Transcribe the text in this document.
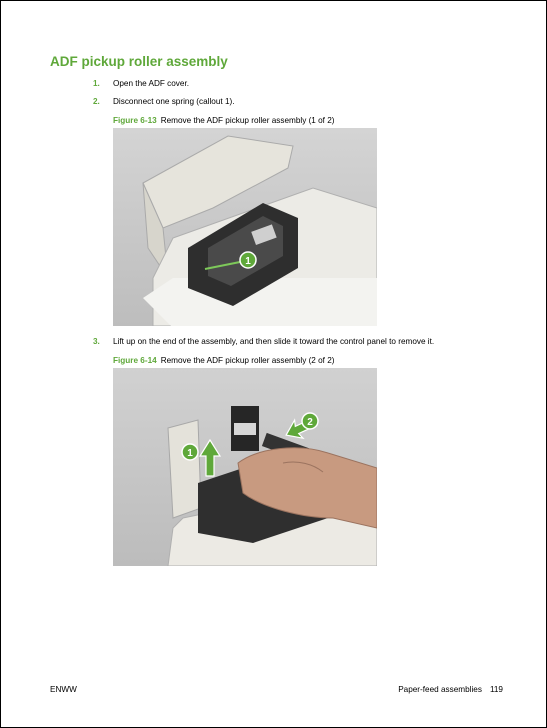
ADF pickup roller assembly
1. Open the ADF cover.
2. Disconnect one spring (callout 1).
Figure 6-13 Remove the ADF pickup roller assembly (1 of 2)
1
3. Lift up on the end of the assembly, and then slide it toward the control panel to remove it.
Figure 6-14 Remove the ADF pickup roller assembly (2 of 2)
1
2
ENWW	Paper-feed assemblies 119
